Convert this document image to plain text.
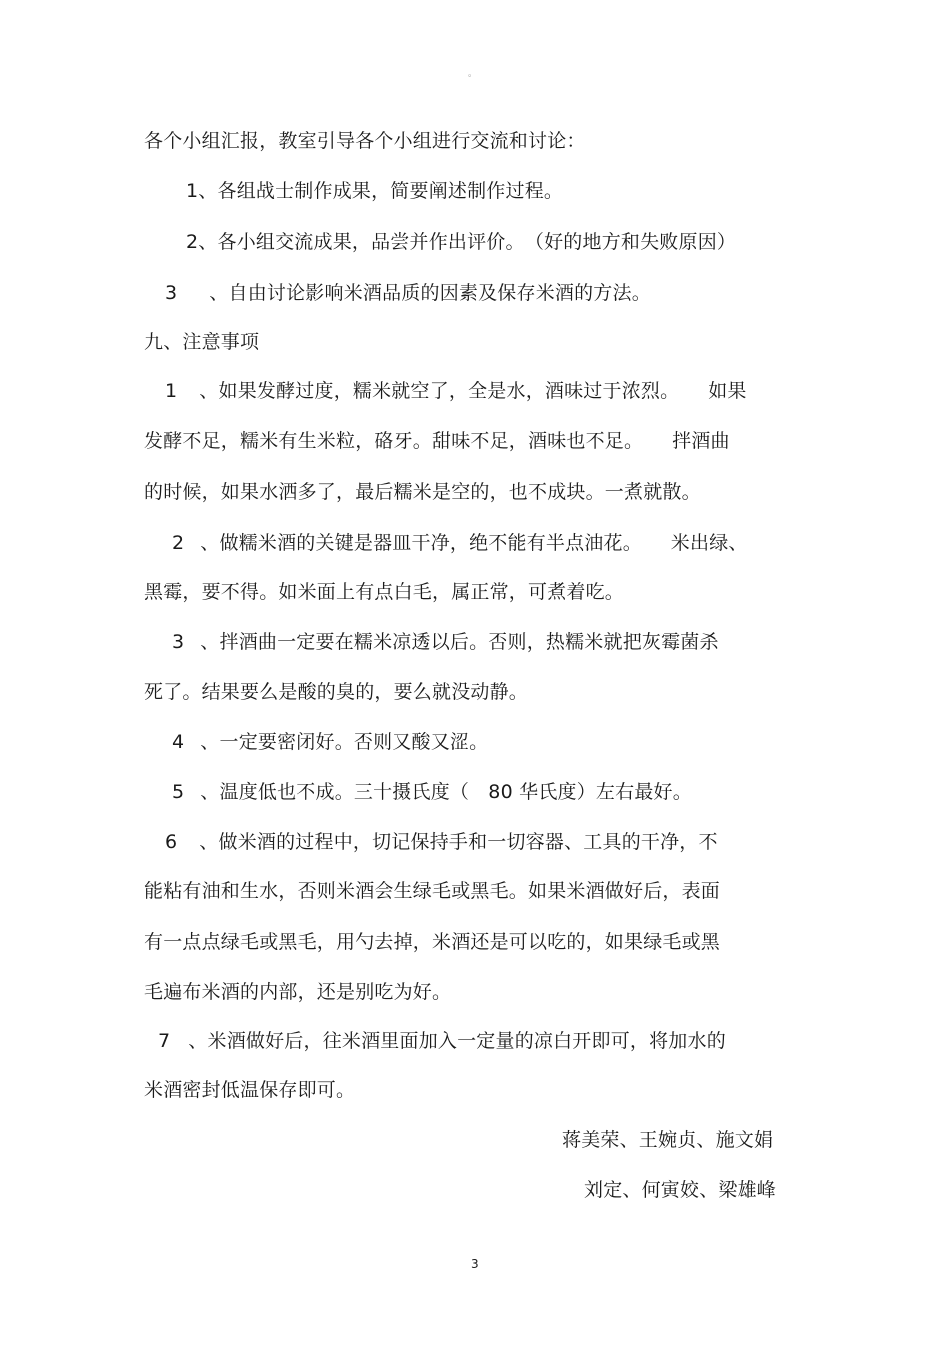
。
各个小组汇报，教室引导各个小组进行交流和讨论：
1、各组战士制作成果，简要阐述制作过程。
2、各小组交流成果，品尝并作出评价。　（好的地方和失败原因）
3 、自由讨论影响米酒品质的因素及保存米酒的方法。
九、注意事项
1 、如果发酵过度，糯米就空了，全是水，酒味过于浓烈。　　如果
发酵不足，糯米有生米粒，硌牙。甜味不足，酒味也不足。　　拌酒曲
的时候，如果水洒多了，最后糯米是空的，也不成块。一煮就散。
2 、做糯米酒的关键是器皿干净，绝不能有半点油花。　　米出绿、
黑霉，要不得。如米面上有点白毛，属正常，可煮着吃。
3 、拌酒曲一定要在糯米凉透以后。否则，热糯米就把灰霉菌杀
死了。结果要么是酸的臭的，要么就没动静。
4 、一定要密闭好。否则又酸又涩。
5 、温度低也不成。三十摄氏度（　80 华氏度）左右最好。
6 、做米酒的过程中，切记保持手和一切容器、工具的干净，不
能粘有油和生水，否则米酒会生绿毛或黑毛。如果米酒做好后，表面
有一点点绿毛或黑毛，用勺去掉，米酒还是可以吃的，如果绿毛或黑
毛遍布米酒的内部，还是别吃为好。
7 、米酒做好后，往米酒里面加入一定量的凉白开即可，将加水的
米酒密封低温保存即可。
蒋美荣、王婉贞、施文娟
刘定、何寅姣、梁雄峰
3
